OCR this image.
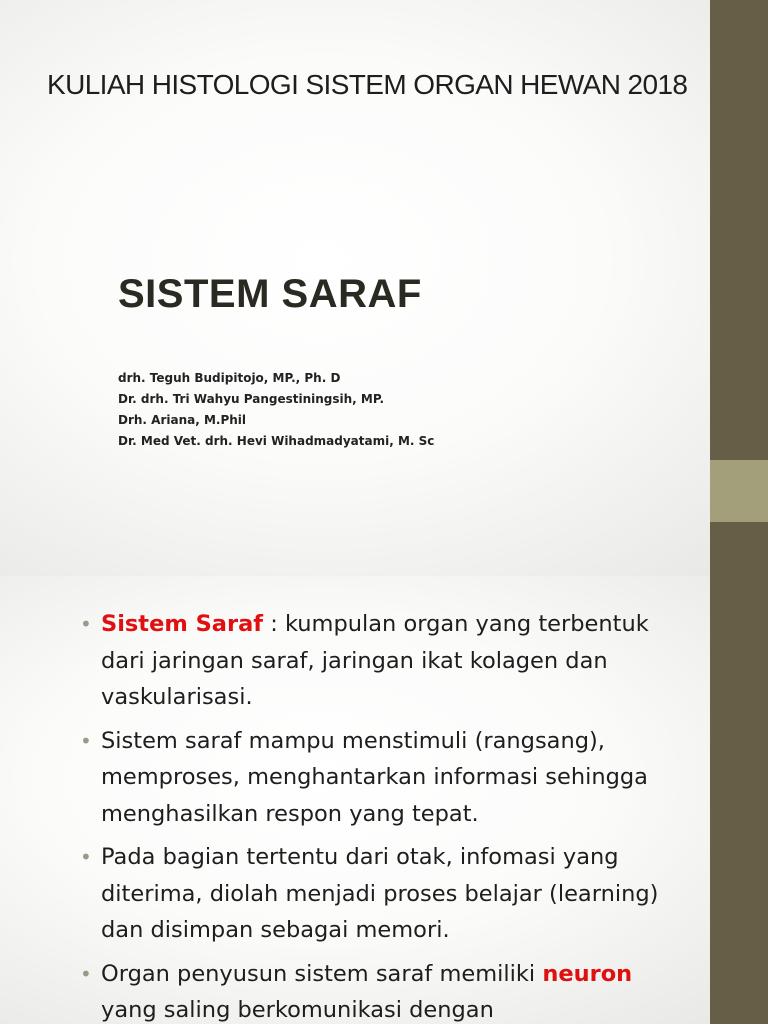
KULIAH HISTOLOGI SISTEM ORGAN HEWAN 2018
SISTEM SARAF
drh. Teguh Budipitojo, MP., Ph. D
Dr. drh. Tri Wahyu Pangestiningsih, MP.
Drh. Ariana, M.Phil
Dr. Med Vet. drh. Hevi Wihadmadyatami, M. Sc
• Sistem Saraf : kumpulan organ yang terbentuk dari jaringan saraf, jaringan ikat kolagen dan vaskularisasi.
• Sistem saraf mampu menstimuli (rangsang), memproses, menghantarkan informasi sehingga menghasilkan respon yang tepat.
• Pada bagian tertentu dari otak, infomasi yang diterima, diolah menjadi proses belajar (learning) dan disimpan sebagai memori.
• Organ penyusun sistem saraf memiliki neuron yang saling berkomunikasi dengan
